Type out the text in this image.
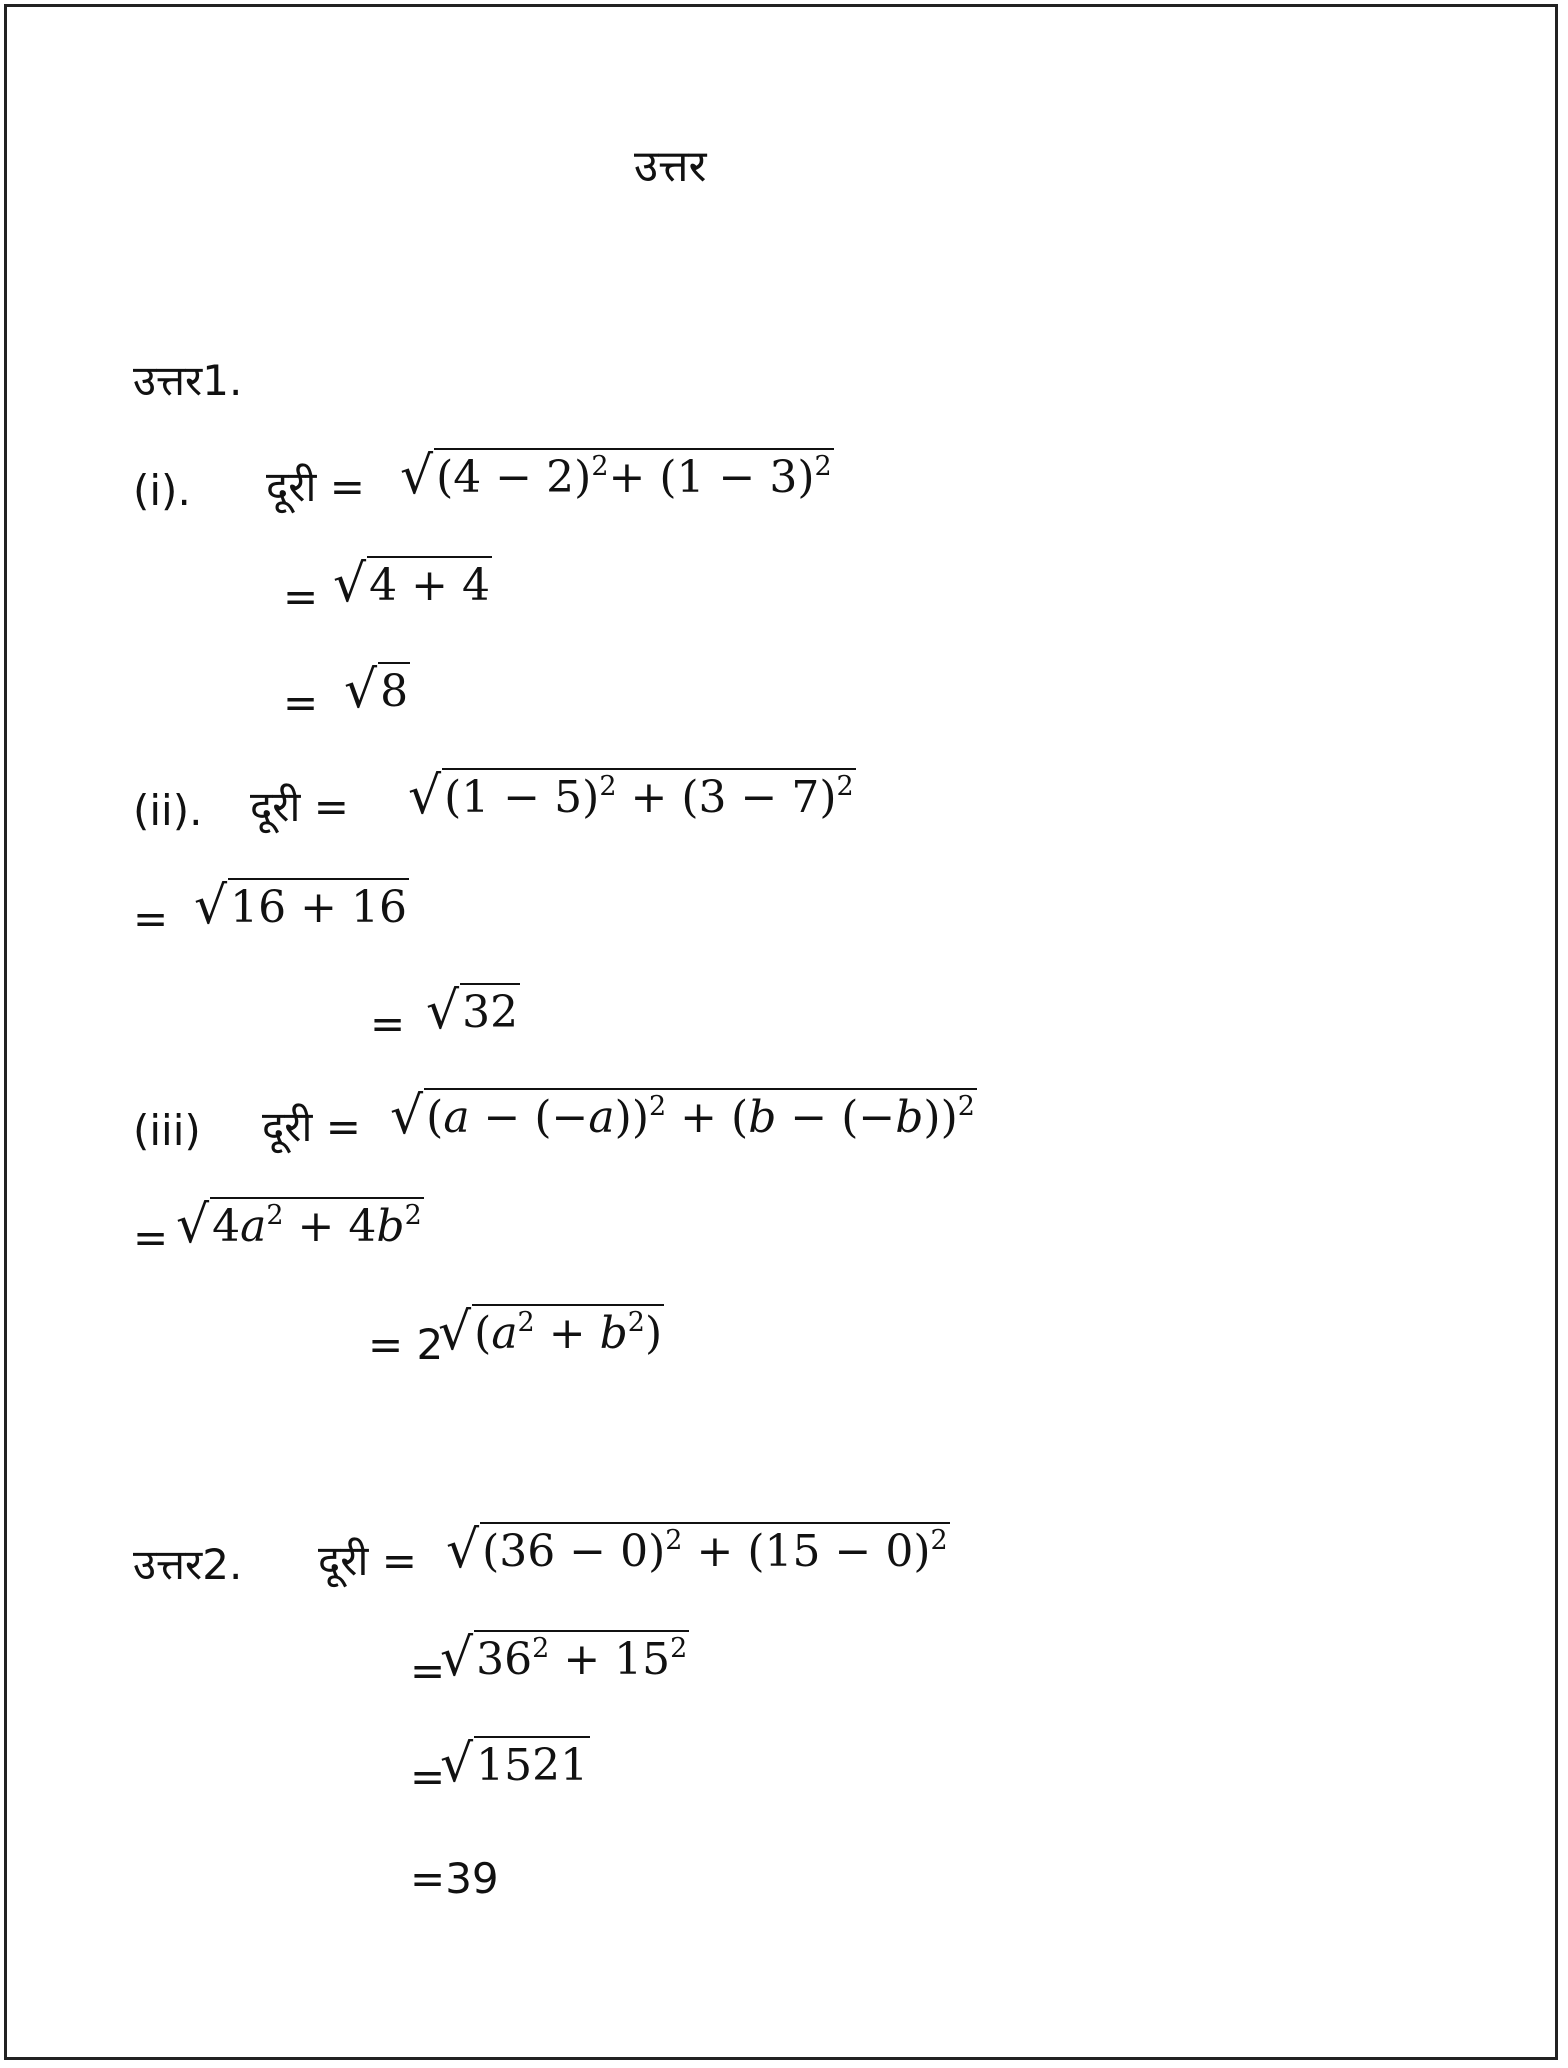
उत्तर
उत्तर1.
(i). दूरी = √ $(4 - 2)^2+ (1 - 3)^2$
= √ 4 + 4
= √ 8
(ii). दूरी = √ $(1 - 5)^2 + (3 - 7)^2$
= √ 16 + 16
= √ 32
(iii) दूरी = √ $(a - (-a))^2 + (b - (-b))^2$
= √ $4a^2 + 4b^2$
= 2
√ $(a^2 + b^2)$
उत्तर2. दूरी = √ $(36 - 0)^2 + (15 - 0)^2$
=
√ $36^2 + 15^2$
=
√ 1521
=39
